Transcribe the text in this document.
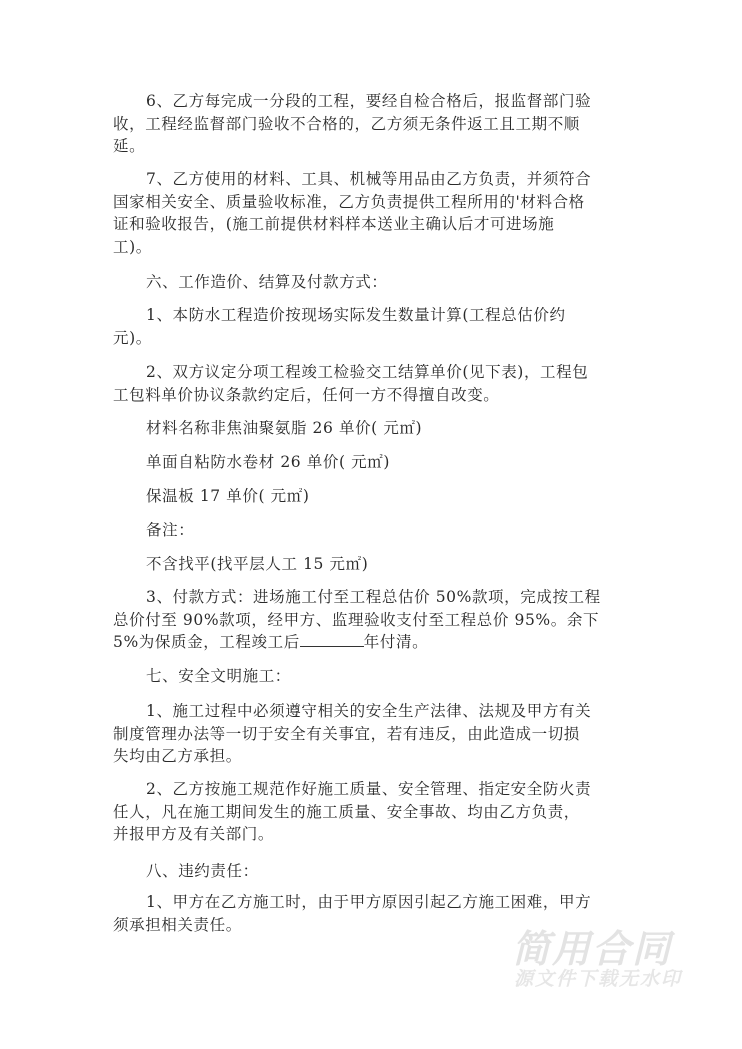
6、乙方每完成一分段的工程，要经自检合格后，报监督部门验
收，工程经监督部门验收不合格的，乙方须无条件返工且工期不顺
延。
7、乙方使用的材料、工具、机械等用品由乙方负责，并须符合
国家相关安全、质量验收标准，乙方负责提供工程所用的'材料合格
证和验收报告，(施工前提供材料样本送业主确认后才可进场施
工)。
六、工作造价、结算及付款方式：
1、本防水工程造价按现场实际发生数量计算(工程总估价约
元)。
2、双方议定分项工程竣工检验交工结算单价(见下表)，工程包
工包料单价协议条款约定后，任何一方不得擅自改变。
材料名称非焦油聚氨脂 26 单价( 元㎡)
单面自粘防水卷材 26 单价( 元㎡)
保温板 17 单价( 元㎡)
备注：
不含找平(找平层人工 15 元㎡)
3、付款方式：进场施工付至工程总估价 50%款项，完成按工程
总价付至 90%款项，经甲方、监理验收支付至工程总价 95%。余下
5%为保质金，工程竣工后	年付清。
七、安全文明施工：
1、施工过程中必须遵守相关的安全生产法律、法规及甲方有关
制度管理办法等一切于安全有关事宜，若有违反，由此造成一切损
失均由乙方承担。
2、乙方按施工规范作好施工质量、安全管理、指定安全防火责
任人，凡在施工期间发生的施工质量、安全事故、均由乙方负责，
并报甲方及有关部门。
八、违约责任：
1、甲方在乙方施工时，由于甲方原因引起乙方施工困难，甲方
须承担相关责任。
简用合同
源文件下载无水印
